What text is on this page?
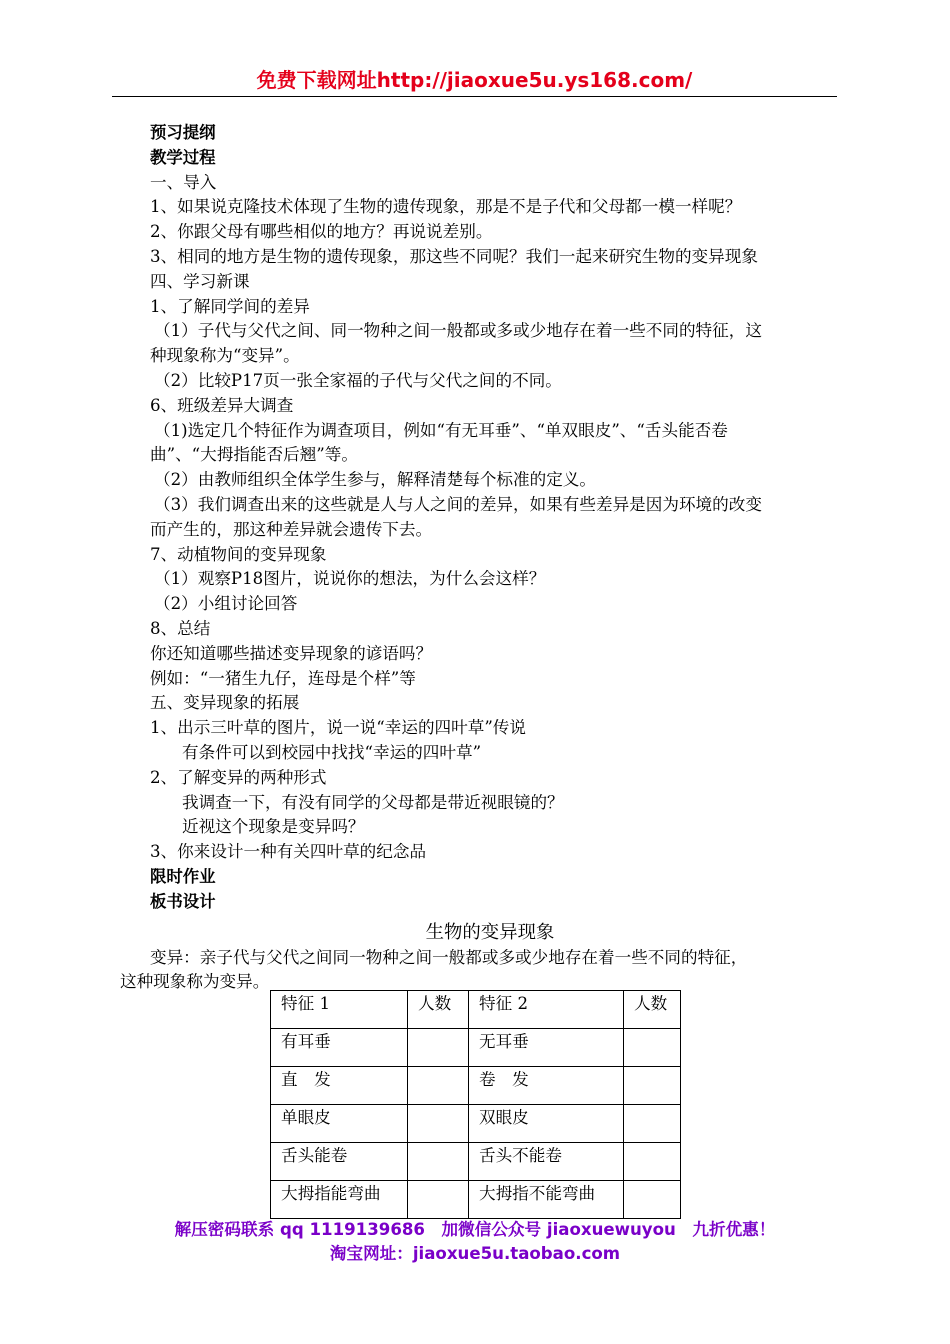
免费下载网址http://jiaoxue5u.ys168.com/
预习提纲
教学过程
一、导入
1、如果说克隆技术体现了生物的遗传现象，那是不是子代和父母都一模一样呢？
2、你跟父母有哪些相似的地方？再说说差别。
3、相同的地方是生物的遗传现象，那这些不同呢？我们一起来研究生物的变异现象
四、学习新课
1、了解同学间的差异
（1）子代与父代之间、同一物种之间一般都或多或少地存在着一些不同的特征，这
种现象称为“变异”。
（2）比较P17页一张全家福的子代与父代之间的不同。
6、班级差异大调查
（1)选定几个特征作为调查项目，例如“有无耳垂”、“单双眼皮”、“舌头能否卷
曲”、“大拇指能否后翘”等。
（2）由教师组织全体学生参与，解释清楚每个标准的定义。
（3）我们调查出来的这些就是人与人之间的差异，如果有些差异是因为环境的改变
而产生的，那这种差异就会遗传下去。
7、动植物间的变异现象
（1）观察P18图片，说说你的想法，为什么会这样？
（2）小组讨论回答
8、总结
你还知道哪些描述变异现象的谚语吗？
例如：“一猪生九仔，连母是个样”等
五、变异现象的拓展
1、出示三叶草的图片，说一说“幸运的四叶草”传说
有条件可以到校园中找找“幸运的四叶草”
2、了解变异的两种形式
我调查一下，有没有同学的父母都是带近视眼镜的？
近视这个现象是变异吗？
3、你来设计一种有关四叶草的纪念品
限时作业
板书设计
生物的变异现象
变异：亲子代与父代之间同一物种之间一般都或多或少地存在着一些不同的特征，
这种现象称为变异。
特征 1	人数	特征 2	人数
有耳垂		无耳垂	
直　发		卷　发	
单眼皮		双眼皮	
舌头能卷		舌头不能卷	
大拇指能弯曲		大拇指不能弯曲	
解压密码联系 qq 1119139686　加微信公众号 jiaoxuewuyou　九折优惠！
淘宝网址：jiaoxue5u.taobao.com
